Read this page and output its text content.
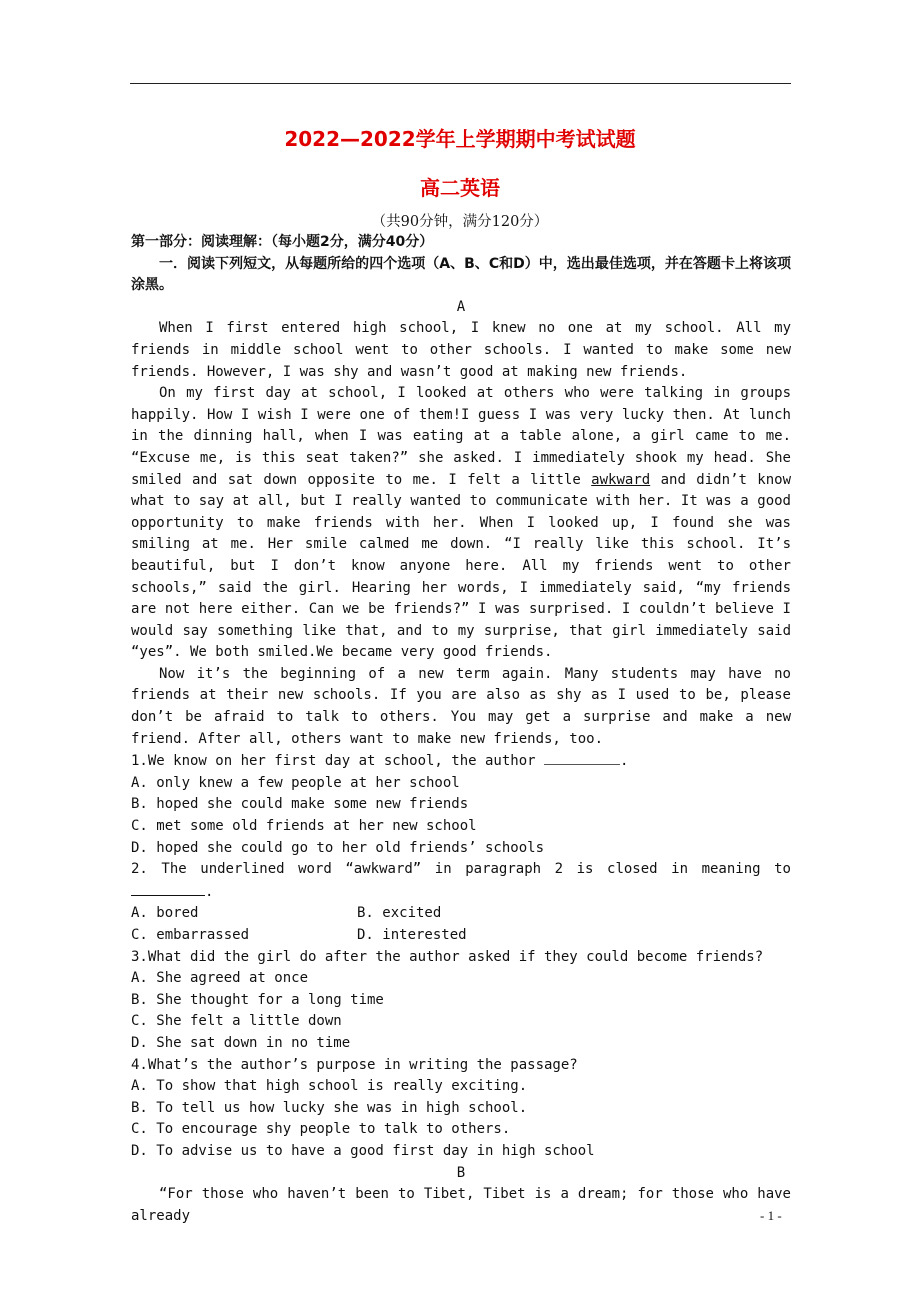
2022—2022学年上学期期中考试试题
高二英语
（共90分钟，满分120分）

第一部分：阅读理解：（每小题2分，满分40分）

一．阅读下列短文，从每题所给的四个选项（A、B、C和D）中，选出最佳选项，并在答题卡上将该项涂黑。

A

When I first entered high school, I knew no one at my school. All my friends in middle school went to other schools. I wanted to make some new friends. However, I was shy and wasn’t good at making new friends.

On my first day at school, I looked at others who were talking in groups happily. How I wish I were one of them!I guess I was very lucky then. At lunch in the dinning hall, when I was eating at a table alone, a girl came to me. “Excuse me, is this seat taken?” she asked. I immediately shook my head. She smiled and sat down opposite to me. I felt a little awkward and didn’t know what to say at all, but I really wanted to communicate with her. It was a good opportunity to make friends with her. When I looked up, I found she was smiling at me. Her smile calmed me down. “I really like this school. It’s beautiful, but I don’t know anyone here. All my friends went to other schools,” said the girl. Hearing her words, I immediately said, “my friends are not here either. Can we be friends?” I was surprised. I couldn’t believe I would say something like that, and to my surprise, that girl immediately said “yes”. We both smiled.We became very good friends.

Now it’s the beginning of a new term again. Many students may have no friends at their new schools. If you are also as shy as I used to be, please don’t be afraid to talk to others. You may get a surprise and make a new friend. After all, others want to make new friends, too.

1.We know on her first day at school, the author	.

A. only knew a few people at her school

B. hoped she could make some new friends

C. met some old friends at her new school

D. hoped she could go to her old friends’ schools

2. The underlined word “awkward” in paragraph 2 is closed in meaning to.

A. bored	B. excited
C. embarrassed	D. interested

3.What did the girl do after the author asked if they could become friends?

A. She agreed at once

B. She thought for a long time

C. She felt a little down

D. She sat down in no time

4.What’s the author’s purpose in writing the passage?

A. To show that high school is really exciting.

B. To tell us how lucky she was in high school.

C. To encourage shy people to talk to others.

D. To advise us to have a good first day in high school

B

“For those who haven’t been to Tibet, Tibet is a dream; for those who have already	- 1 -
